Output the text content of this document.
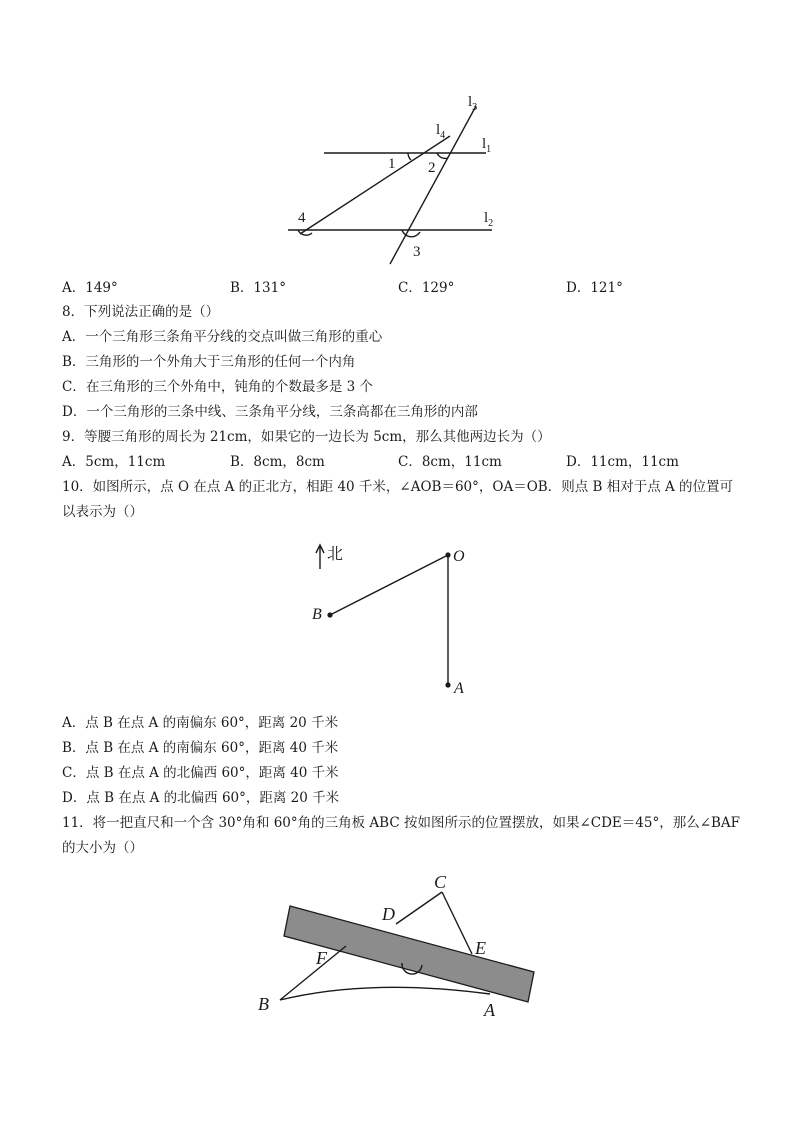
$l_3$
$l_4$
$l_1$
$l_2$
1 2
3
4
A．149°	B．131°	C．129°	D．121°
8．下列说法正确的是（）
A．一个三角形三条角平分线的交点叫做三角形的重心
B．三角形的一个外角大于三角形的任何一个内角
C．在三角形的三个外角中，钝角的个数最多是 3 个
D．一个三角形的三条中线、三条角平分线，三条高都在三角形的内部
9．等腰三角形的周长为 21cm，如果它的一边长为 5cm，那么其他两边长为（）
A．5cm，11cm	B．8cm，8cm	C．8cm，11cm	D．11cm，11cm
10．如图所示，点 O 在点 A 的正北方，相距 40 千米，∠AOB＝60°，OA＝OB．则点 B 相对于点 A 的位置可
以表示为（）
北	O
B
A
A．点 B 在点 A 的南偏东 60°，距离 20 千米
B．点 B 在点 A 的南偏东 60°，距离 40 千米
C．点 B 在点 A 的北偏西 60°，距离 40 千米
D．点 B 在点 A 的北偏西 60°，距离 20 千米
11．将一把直尺和一个含 30°角和 60°角的三角板 ABC 按如图所示的位置摆放，如果∠CDE＝45°，那么∠BAF
的大小为（）
C
D
E
F
B	A
